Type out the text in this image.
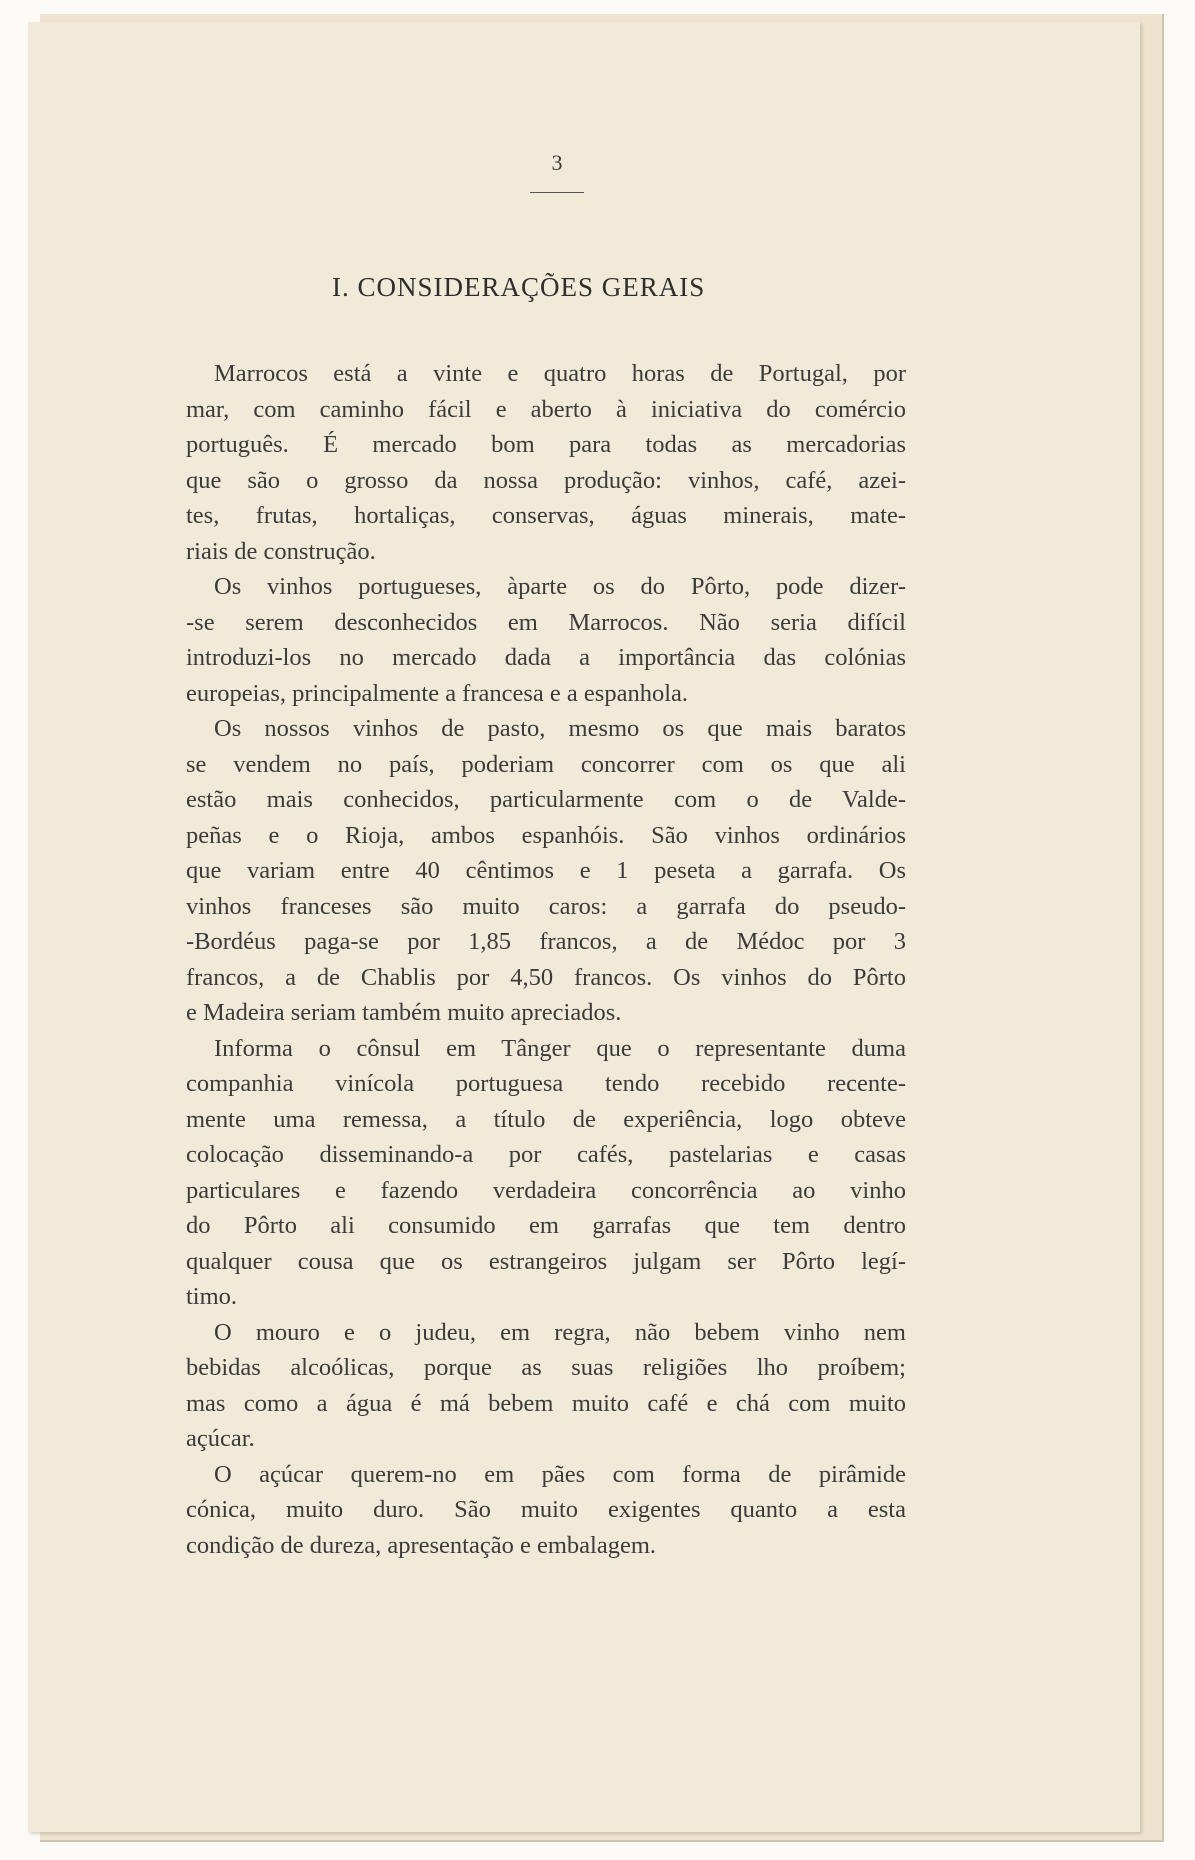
3
I. CONSIDERAÇÕES GERAIS
Marrocos está a vinte e quatro horas de Portugal, por
mar, com caminho fácil e aberto à iniciativa do comércio
português. É mercado bom para todas as mercadorias
que são o grosso da nossa produção: vinhos, café, azei-
tes, frutas, hortaliças, conservas, águas minerais, mate-
riais de construção.
Os vinhos portugueses, àparte os do Pôrto, pode dizer-
-se serem desconhecidos em Marrocos. Não seria difícil
introduzi-los no mercado dada a importância das colónias
europeias, principalmente a francesa e a espanhola.
Os nossos vinhos de pasto, mesmo os que mais baratos
se vendem no país, poderiam concorrer com os que ali
estão mais conhecidos, particularmente com o de Valde-
peñas e o Rioja, ambos espanhóis. São vinhos ordinários
que variam entre 40 cêntimos e 1 peseta a garrafa. Os
vinhos franceses são muito caros: a garrafa do pseudo-
-Bordéus paga-se por 1,85 francos, a de Médoc por 3
francos, a de Chablis por 4,50 francos. Os vinhos do Pôrto
e Madeira seriam também muito apreciados.
Informa o cônsul em Tânger que o representante duma
companhia vinícola portuguesa tendo recebido recente-
mente uma remessa, a título de experiência, logo obteve
colocação disseminando-a por cafés, pastelarias e casas
particulares e fazendo verdadeira concorrência ao vinho
do Pôrto ali consumido em garrafas que tem dentro
qualquer cousa que os estrangeiros julgam ser Pôrto legí-
timo.
O mouro e o judeu, em regra, não bebem vinho nem
bebidas alcoólicas, porque as suas religiões lho proíbem;
mas como a água é má bebem muito café e chá com muito
açúcar.
O açúcar querem-no em pães com forma de pirâmide
cónica, muito duro. São muito exigentes quanto a esta
condição de dureza, apresentação e embalagem.
